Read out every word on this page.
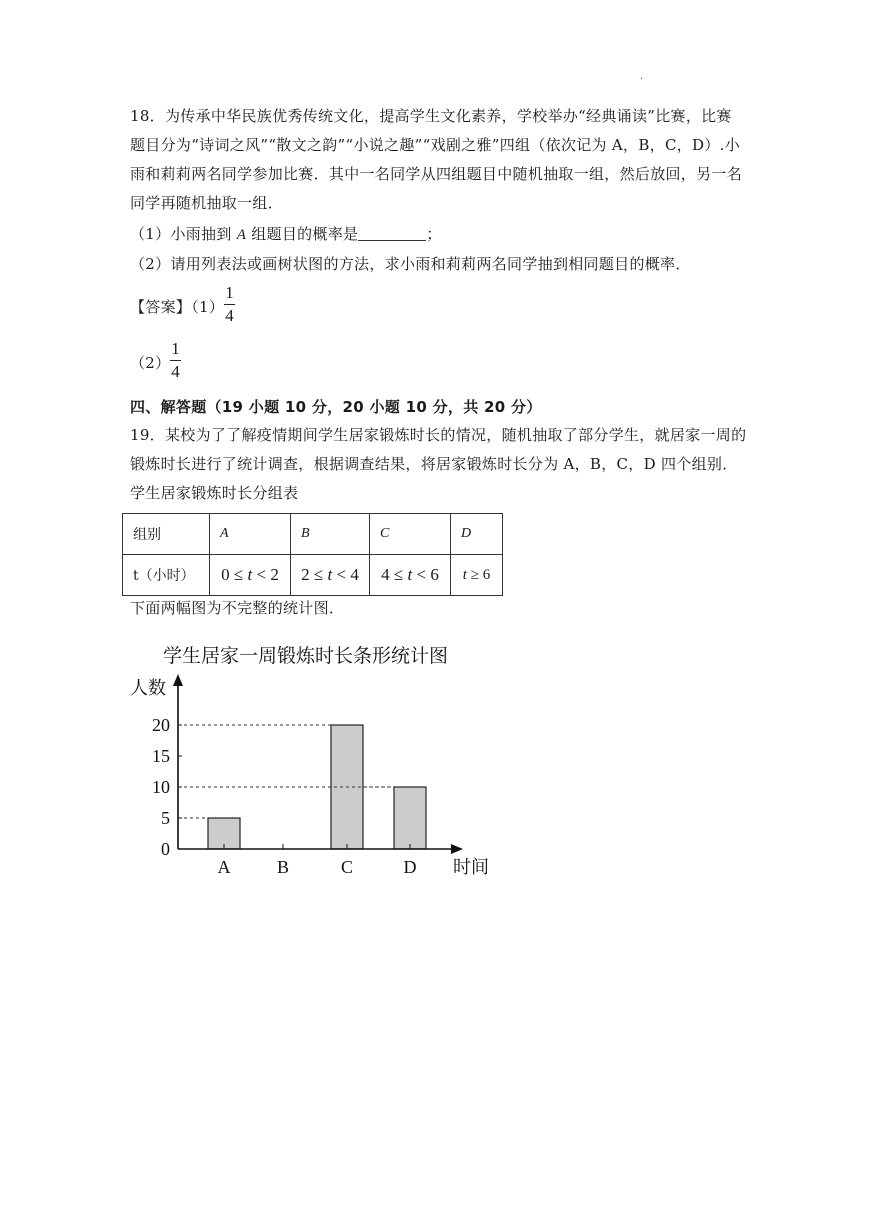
·
18．为传承中华民族优秀传统文化，提高学生文化素养，学校举办“经典诵读”比赛，比赛
题目分为“诗词之风”“散文之韵”“小说之趣”“戏剧之雅”四组（依次记为 A，B，C，D）.小
雨和莉莉两名同学参加比赛．其中一名同学从四组题目中随机抽取一组，然后放回，另一名
同学再随机抽取一组．
（1）小雨抽到 A 组题目的概率是	；
（2）请用列表法或画树状图的方法，求小雨和莉莉两名同学抽到相同题目的概率．
【答案】（1）
1
4
（2）
1
4
四、解答题（19 小题 10 分，20 小题 10 分，共 20 分）
19．某校为了了解疫情期间学生居家锻炼时长的情况，随机抽取了部分学生，就居家一周的
锻炼时长进行了统计调查，根据调查结果，将居家锻炼时长分为 A，B，C，D 四个组别．
学生居家锻炼时长分组表
组别	A	B	C	D
t（小时）	0 ≤ t < 2	2 ≤ t < 4	4 ≤ t < 6	t ≥ 6
下面两幅图为不完整的统计图．
学生居家一周锻炼时长条形统计图
人数
时间
0
5
10
15
20
A	B	C	D
